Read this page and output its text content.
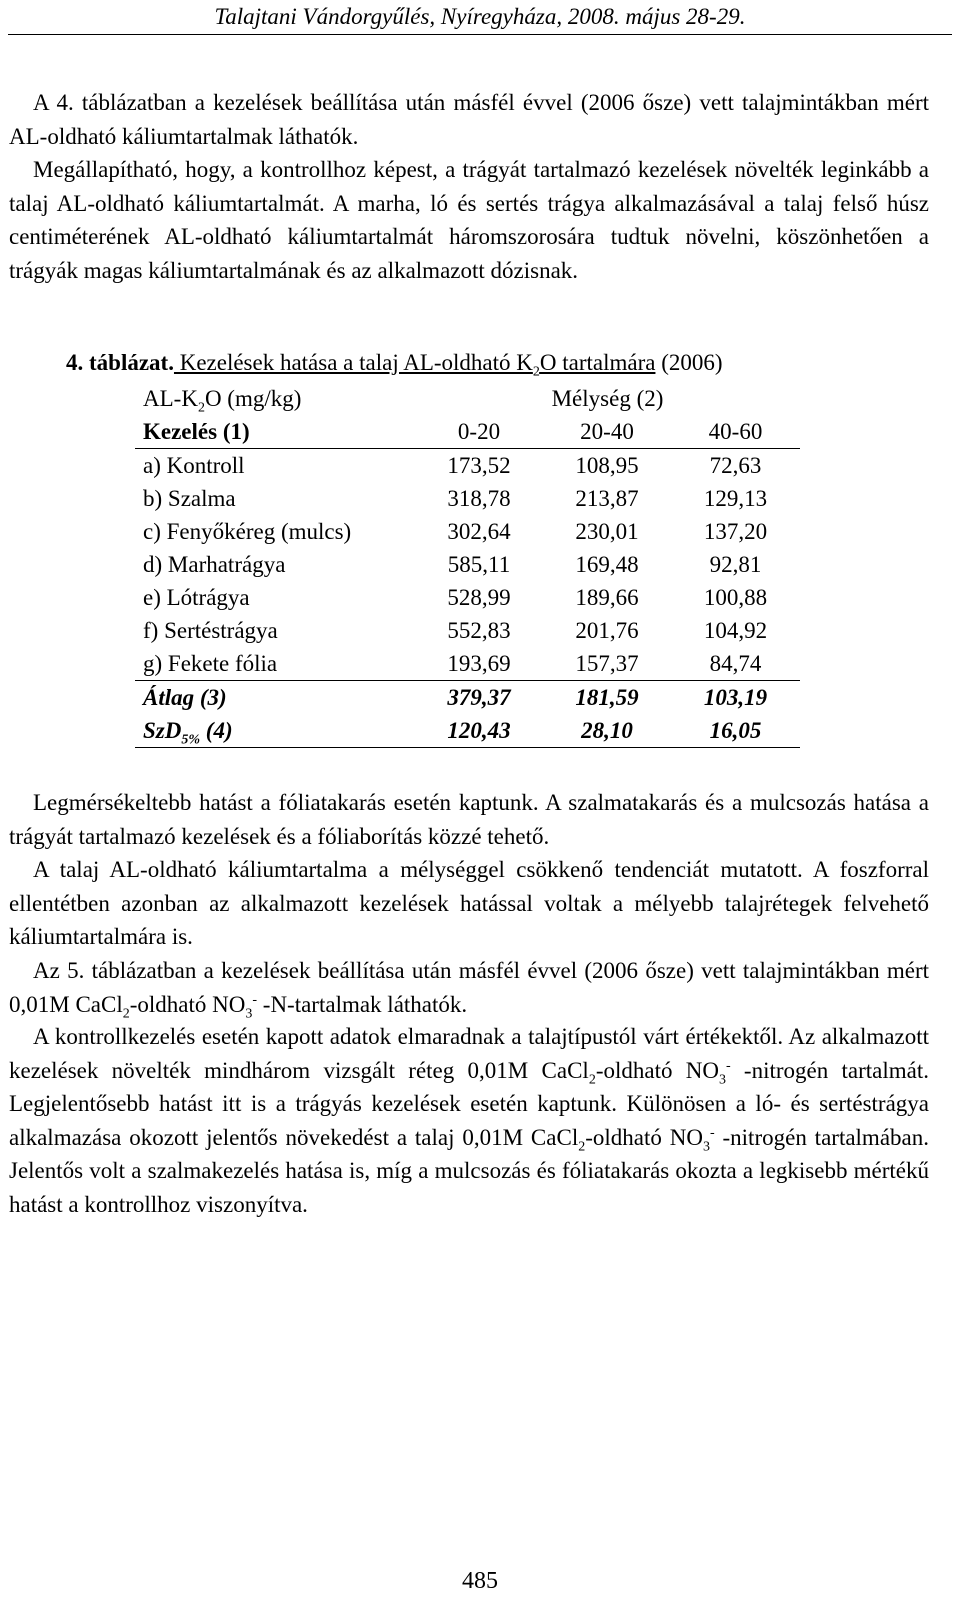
Talajtani Vándorgyűlés, Nyíregyháza, 2008. május 28-29.

A 4. táblázatban a kezelések beállítása után másfél évvel (2006 ősze) vett talajmintákban mért AL-oldható káliumtartalmak láthatók.

Megállapítható, hogy, a kontrollhoz képest, a trágyát tartalmazó kezelések növelték leginkább a talaj AL-oldható káliumtartalmát. A marha, ló és sertés trágya alkalmazásával a talaj felső húsz centiméterének AL-oldható káliumtartalmát háromszorosára tudtuk növelni, köszönhetően a trágyák magas káliumtartalmának és az alkalmazott dózisnak.

4. táblázat. Kezelések hatása a talaj AL-oldható $K_2O$ tartalmára (2006)
$AL-K_2O$ (mg/kg)	Mélység (2)		
Kezelés (1)	0-20	20-40	40-60
a) Kontroll	173,52	108,95	72,63
b) Szalma	318,78	213,87	129,13
c) Fenyőkéreg (mulcs)	302,64	230,01	137,20
d) Marhatrágya	585,11	169,48	92,81
e) Lótrágya	528,99	189,66	100,88
f) Sertéstrágya	552,83	201,76	104,92
g) Fekete fólia	193,69	157,37	84,74
Átlag (3)	379,37	181,59	103,19
SzD$_{5\%}$ (4)	120,43	28,10	16,05

Legmérsékeltebb hatást a fóliatakarás esetén kaptunk. A szalmatakarás és a mulcsozás hatása a trágyát tartalmazó kezelések és a fóliaborítás közzé tehető.

A talaj AL-oldható káliumtartalma a mélységgel csökkenő tendenciát mutatott. A foszforral ellentétben azonban az alkalmazott kezelések hatással voltak a mélyebb talajrétegek felvehető káliumtartalmára is.

Az 5. táblázatban a kezelések beállítása után másfél évvel (2006 ősze) vett talajmintákban mért 0,01M CaCl$_2$-oldható $NO_3^-$ -N-tartalmak láthatók.

A kontrollkezelés esetén kapott adatok elmaradnak a talajtípustól várt értékektől. Az alkalmazott kezelések növelték mindhárom vizsgált réteg 0,01M CaCl$_2$-oldható $NO_3^-$ -nitrogén tartalmát. Legjelentősebb hatást itt is a trágyás kezelések esetén kaptunk. Különösen a ló- és sertéstrágya alkalmazása okozott jelentős növekedést a talaj 0,01M CaCl$_2$-oldható $NO_3^-$ -nitrogén tartalmában. Jelentős volt a szalmakezelés hatása is, míg a mulcsozás és fóliatakarás okozta a legkisebb mértékű hatást a kontrollhoz viszonyítva.

485
